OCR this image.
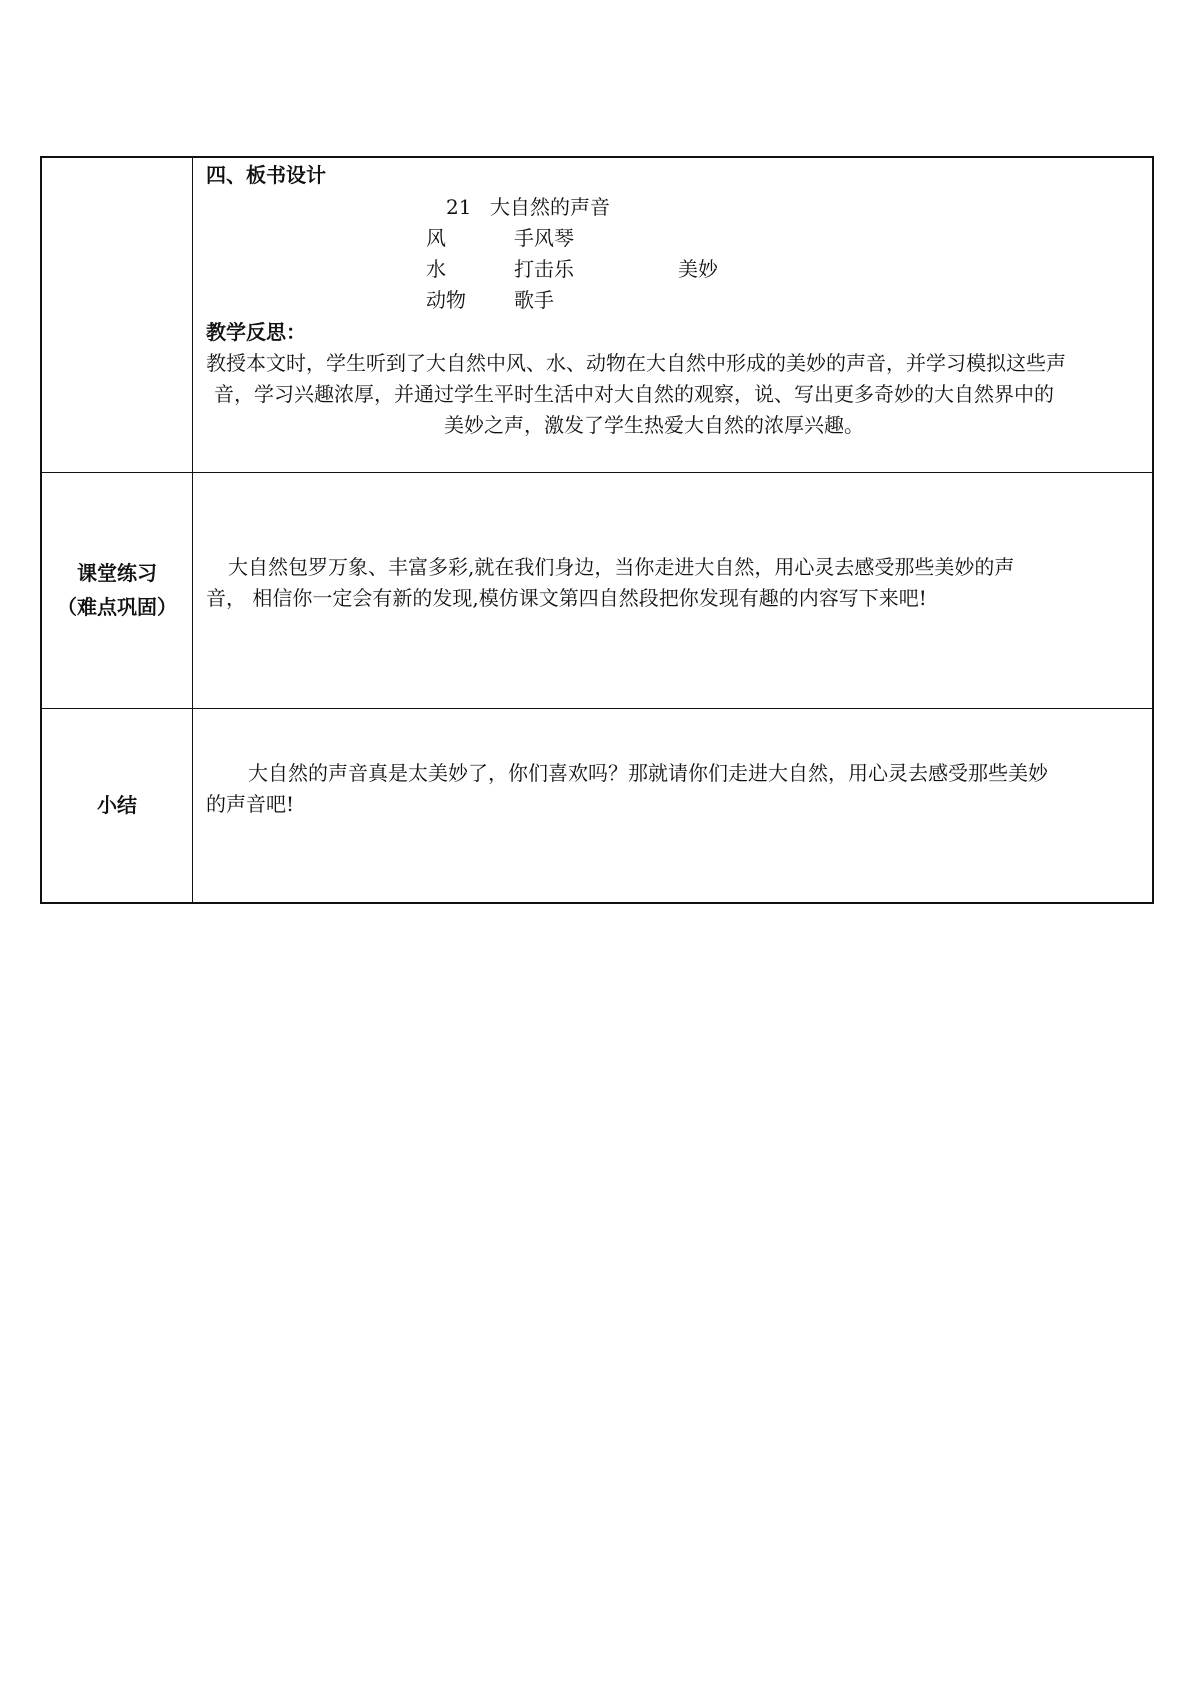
四、板书设计
21 大自然的声音
风	手风琴
水	打击乐	美妙
动物 歌手
教学反思：
教授本文时，学生听到了大自然中风、水、动物在大自然中形成的美妙的声音，并学习模拟这些声
音，学习兴趣浓厚，并通过学生平时生活中对大自然的观察，说、写出更多奇妙的大自然界中的
美妙之声，激发了学生热爱大自然的浓厚兴趣。
课堂练习
（难点巩固）
大自然包罗万象、丰富多彩,就在我们身边，当你走进大自然，用心灵去感受那些美妙的声
音， 相信你一定会有新的发现,模仿课文第四自然段把你发现有趣的内容写下来吧!
小结
大自然的声音真是太美妙了，你们喜欢吗？那就请你们走进大自然，用心灵去感受那些美妙
的声音吧!
